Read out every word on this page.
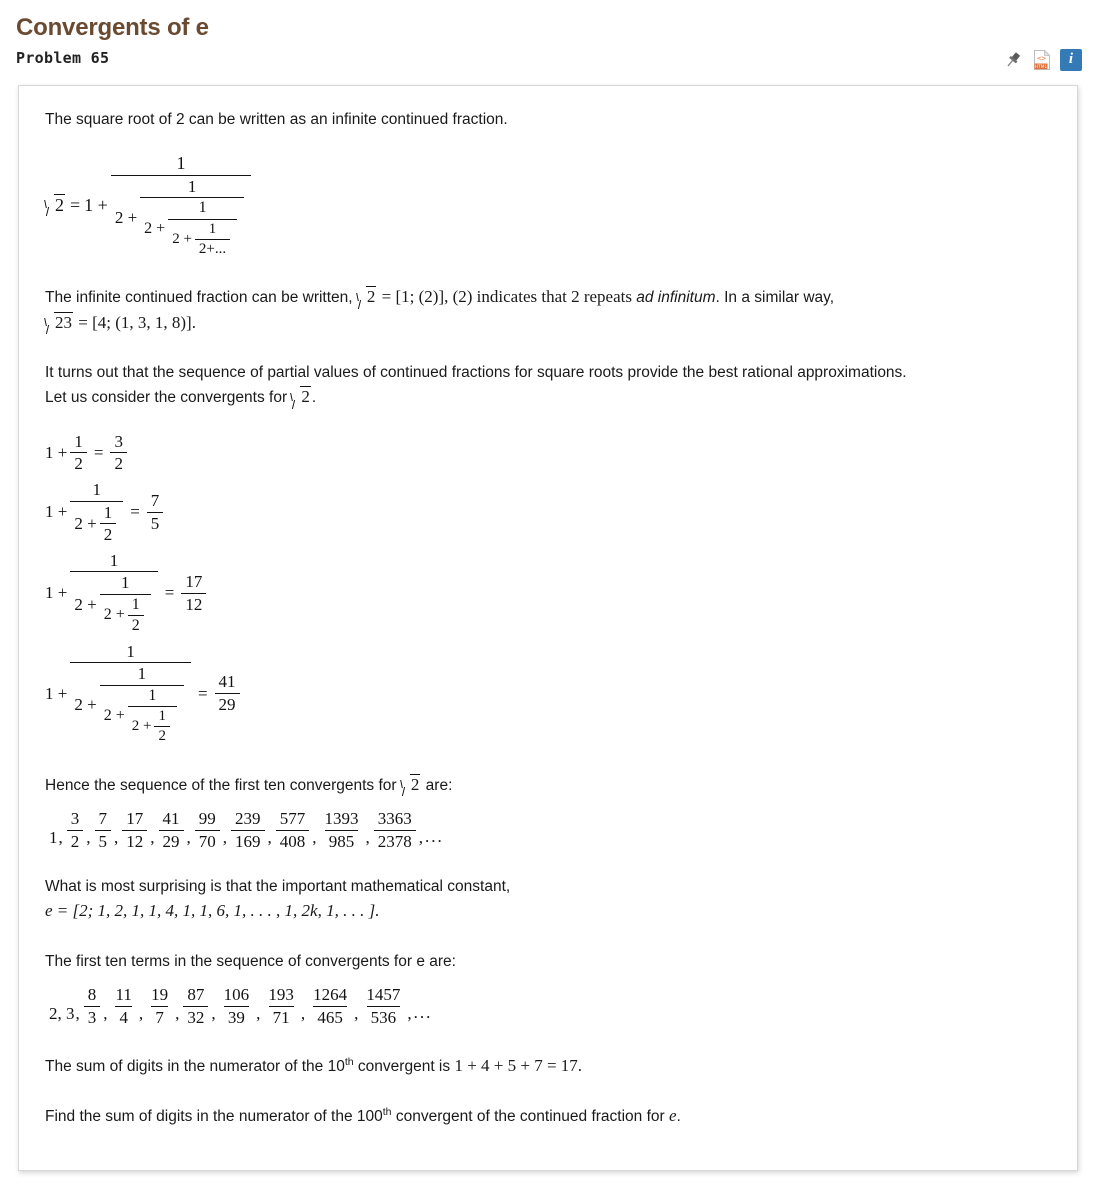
Convergents of e
Problem 65	<>
HTML	i

The square root of 2 can be written as an infinite continued fraction.

2 = 1 +
1
2 +
1
2 +
1
$2 + \frac{1}{2+...}$

The infinite continued fraction can be written, 2 = [1; (2)], (2) indicates that 2 repeats ad infinitum. In a similar way,
23 = [4; (1, 3, 1, 8)].

It turns out that the sequence of partial values of continued fractions for square roots provide the best rational approximations.
Let us consider the convergents for 2 .

$1 + \frac{1}{2} = \frac{3}{2}$
$1 + \frac{1}{2 + \frac{1}{2}} = \frac{7}{5}$
1 +
1
2 +
1
$2 + \frac{1}{2}$
= $\frac{17}{12}$
1 +
1
2 +
1
2 +
1
$2 + \frac{1}{2}$
= $\frac{41}{29}$

Hence the sequence of the first ten convergents for 2 are:

1 , $\frac{3}{2}$ , $\frac{7}{5}$ , $\frac{17}{12}$ , $\frac{41}{29}$ , $\frac{99}{70}$ , $\frac{239}{169}$ , $\frac{577}{408}$ , $\frac{1393}{985}$ , $\frac{3363}{2378}$ , ...

What is most surprising is that the important mathematical constant,
e = [2; 1, 2, 1, 1, 4, 1, 1, 6, 1, . . . , 1, 2k, 1, . . . ].

The first ten terms in the sequence of convergents for e are:

2, 3 , $\frac{8}{3}$ , $\frac{11}{4}$ , $\frac{19}{7}$ , $\frac{87}{32}$ , $\frac{106}{39}$ , $\frac{193}{71}$ , $\frac{1264}{465}$ , $\frac{1457}{536}$ , ...

The sum of digits in the numerator of the 10th convergent is 1 + 4 + 5 + 7 = 17.

Find the sum of digits in the numerator of the 100th convergent of the continued fraction for e.
